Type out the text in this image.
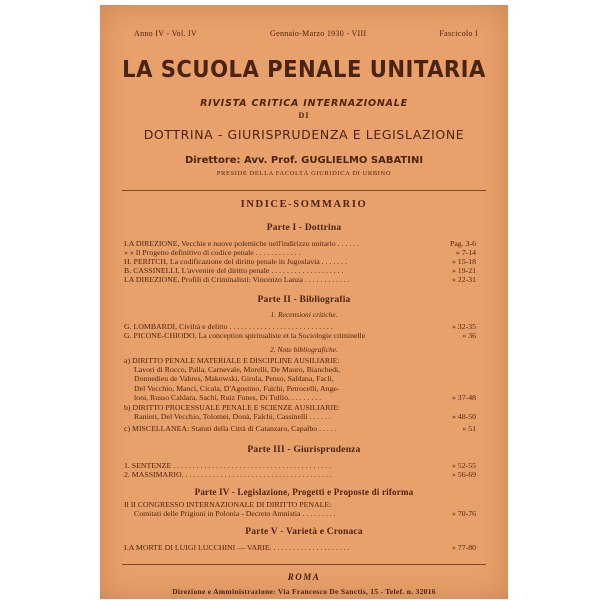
Anno IV - Vol. IV	Gennaio-Marzo 1930 - VIII	Fascicolo I
LA SCUOLA PENALE UNITARIA
RIVISTA CRITICA INTERNAZIONALE
DI
DOTTRINA - GIURISPRUDENZA E LEGISLAZIONE
Direttore: Avv. Prof. GUGLIELMO SABATINI
PRESIDE DELLA FACOLTÀ GIURIDICA DI URBINO
INDICE-SOMMARIO
Parte I - Dottrina
LA DIREZIONE, Vecchie e nuove polemiche nell'indirizzo unitario . . . . . .	Pag. 3-6
» » Il Progetto definitivo di codice penale . . . . . . . . . . . .	» 7-14
H. PERITCH, La codificazione del diritto penale in Jugoslavia . . . . . . .	» 15-18
B. CASSINELLI, L'avvenire del diritto penale . . . . . . . . . . . . . . . . . . .	» 19-21
LA DIREZIONE, Profili di Criminalisti: Vincenzo Lanza . . . . . . . . . . . .	» 22-31
Parte II - Bibliografia
1. Recensioni critiche.
G. LOMBARDI, Civiltà e delitto . . . . . . . . . . . . . . . . . . . . . . . . . . .	» 32-35
G. PICONE-CHIODO, La conception spiritualiste et la Sociologie criminelle	» 36
2. Note bibliografiche.
a) DIRITTO PENALE MATERIALE E DISCIPLINE AUSILIARIE:
Lavori di Rocco, Palla, Carnevale, Morelli, De Mauro, Bianchedi,
Donnedieu de Vabres, Makowski, Girola, Penso, Saldana, Facli,
Del Vecchio, Manci, Cicala, D'Agostino, Falchi, Petrocelli, Ange-
loni, Russo Caldara, Sachi, Ruiz Funes, Di Tullio. . . . . . . . .	» 37-48
b) DIRITTO PROCESSUALE PENALE E SCIENZE AUSILIARIE:
Ranieri, Del Vecchio, Tolomei, Donà, Falchi, Cassinelli . . . . . .	» 48-50
c) MISCELLANEA: Statuti della Città di Catanzaro, Capalbo . . . . .	» 51
Parte III - Giurisprudenza
1. SENTENZE . . . . . . . . . . . . . . . . . . . . . . . . . . . . . . . . . . . . . . . . .	» 52-55
2. MASSIMARIO. . . . . . . . . . . . . . . . . . . . . . . . . . . . . . . . . . . . . . .	» 56-69
Parte IV - Legislazione, Progetti e Proposte di riforma
Il II CONGRESSO INTERNAZIONALE DI DIRITTO PENALE:
Comitati delle Prigioni in Polonia - Decreto Amnistia . . . . . . . . .	» 70-76
Parte V - Varietà e Cronaca
LA MORTE DI LUIGI LUCCHINI — VARIE. . . . . . . . . . . . . . . . . . . . .	» 77-80
ROMA
Direzione e Amministrazione: Via Francesco De Sanctis, 15 - Telef. n. 32016
